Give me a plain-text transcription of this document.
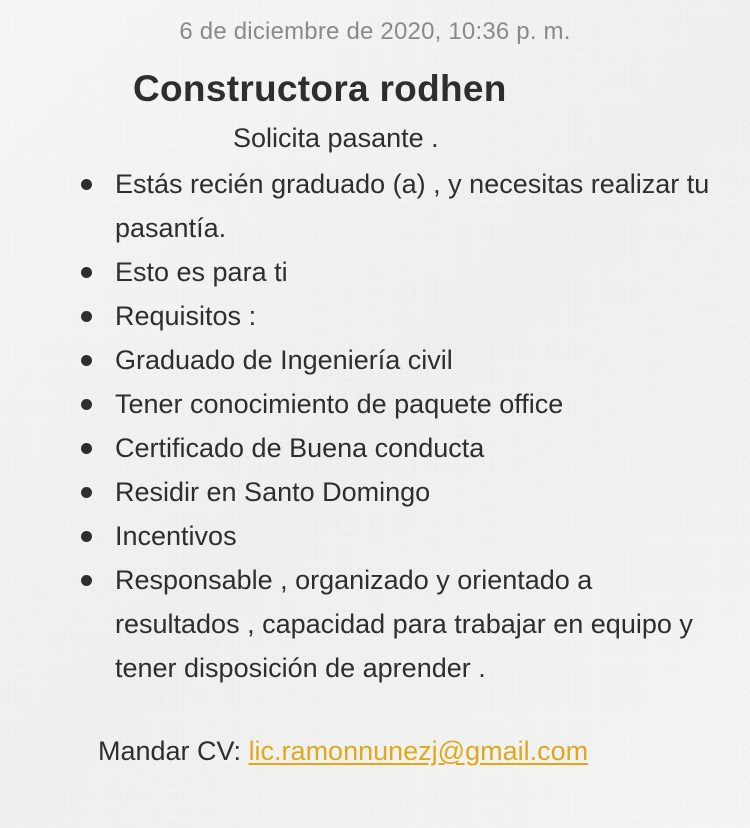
6 de diciembre de 2020, 10:36 p. m.
Constructora rodhen
Solicita pasante .
Estás recién graduado (a) , y necesitas realizar tu pasantía.
Esto es para ti
Requisitos :
Graduado de Ingeniería civil
Tener conocimiento de paquete office
Certificado de Buena conducta
Residir en Santo Domingo
Incentivos
Responsable , organizado y orientado a resultados , capacidad para trabajar en equipo y tener disposición de aprender .
Mandar CV: lic.ramonnunezj@gmail.com
